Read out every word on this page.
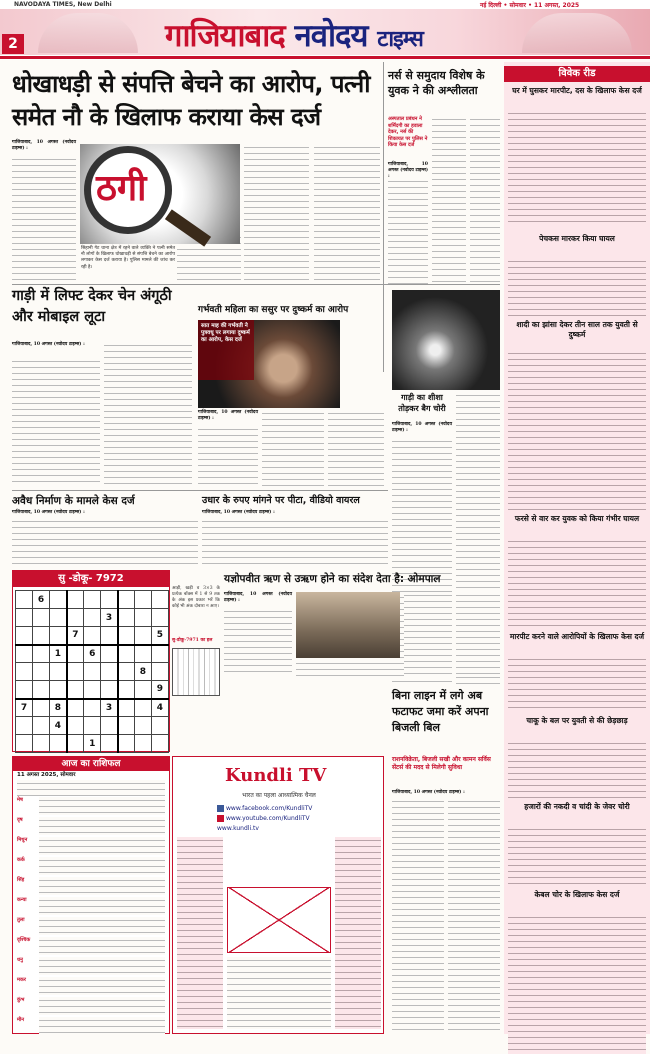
NAVODAYA TIMES, New Delhi	नई दिल्ली • सोमवार • 11 अगस्त, 2025
2	गाजियाबाद नवोदय टाइम्स
धोखाधड़ी से संपत्ति बेचने का आरोप, पत्नी समेत नौ के खिलाफ कराया केस दर्ज
गाजियाबाद, 10 अगस्त (नवोदय टाइम्स) :
ठगी
सिहानी गेट थाना क्षेत्र में रहने वाले व्यक्ति ने पत्नी समेत नौ लोगों के खिलाफ धोखाधड़ी से संपत्ति बेचने का आरोप लगाकर केस दर्ज कराया है। पुलिस मामले की जांच कर रही है।
नर्स से समुदाय विशेष के युवक ने की अश्लीलता
अस्पताल प्रबंधन ने शर्मिंदगी का हवाला देकर, नर्स की शिकायत पर पुलिस ने किया केस दर्ज
गाजियाबाद, 10 अगस्त (नवोदय टाइम्स) :
गाड़ी में लिफ्ट देकर चेन अंगूठी और मोबाइल लूटा
गाजियाबाद, 10 अगस्त (नवोदय टाइम्स) :
गर्भवती महिला का ससुर पर दुष्कर्म का आरोप
सात माह की गर्भवती ने पुत्रवधू पर लगाया दुष्कर्म का आरोप, केस दर्ज
गाजियाबाद, 10 अगस्त (नवोदय टाइम्स) :
गाड़ी का शीशा तोड़कर बैग चोरी
गाजियाबाद, 10 अगस्त (नवोदय टाइम्स) :
अवैध निर्माण के मामले केस दर्ज
गाजियाबाद, 10 अगस्त (नवोदय टाइम्स) :
उधार के रुपए मांगने पर पीटा, वीडियो वायरल
गाजियाबाद, 10 अगस्त (नवोदय टाइम्स) :
सु -डोकू- 7972
	6							
					3			
			7					5
		1		6				
							8	
								9
7		8			3			4
		4						
				1				
आड़ी, खड़ी व 3×3 के प्रत्येक बॉक्स में 1 से 9 तक के अंक इस प्रकार भरें कि कोई भी अंक दोबारा न आए।
सु-डोकू-7971 का हल
यज्ञोपवीत ऋण से उऋण होने का संदेश देता है: ओमपाल
गाजियाबाद, 10 अगस्त (नवोदय टाइम्स) :
आज का राशिफल
11 अगस्त 2025, सोमवार
मेष
वृष
मिथुन
कर्क
सिंह
कन्या
तुला
वृश्चिक
धनु
मकर
कुंभ
मीन
Kundli TV
भारत का पहला आध्यात्मिक चैनल
www.facebook.com/KundliTV
www.youtube.com/KundliTV
www.kundli.tv
बिना लाइन में लगे अब फटाफट जमा करें अपना बिजली बिल
राशनविक्रेता, बिजली सखी और कामन सर्विस सेंटर्स की मदद से मिलेगी सुविधा
गाजियाबाद, 10 अगस्त (नवोदय टाइम्स) :
विवेक रीड
घर में घुसकर मारपीट, दस के खिलाफ केस दर्ज
पेचकस मारकर किया घायल
शादी का झांसा देकर तीन साल तक युवती से दुष्कर्म
फरसे से वार कर युवक को किया गंभीर घायल
मारपीट करने वाले आरोपियों के खिलाफ केस दर्ज
चाकू के बल पर युवती से की छेड़छाड़
हजारों की नकदी व चांदी के जेवर चोरी
केबल चोर के खिलाफ केस दर्ज
